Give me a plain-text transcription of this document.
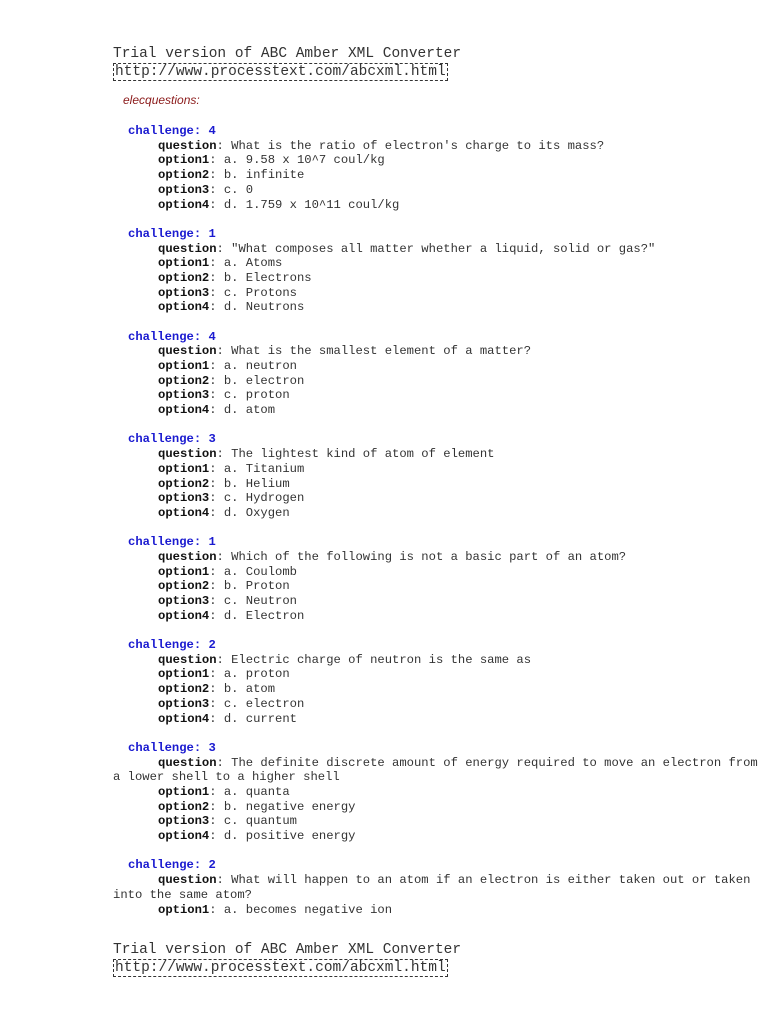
Trial version of ABC Amber XML Converter
http://www.processtext.com/abcxml.html
elecquestions:
challenge: 4
question: What is the ratio of electron's charge to its mass?
option1: a. 9.58 x 10^7 coul/kg
option2: b. infinite
option3: c. 0
option4: d. 1.759 x 10^11 coul/kg
challenge: 1
question: "What composes all matter whether a liquid, solid or gas?"
option1: a. Atoms
option2: b. Electrons
option3: c. Protons
option4: d. Neutrons
challenge: 4
question: What is the smallest element of a matter?
option1: a. neutron
option2: b. electron
option3: c. proton
option4: d. atom
challenge: 3
question: The lightest kind of atom of element
option1: a. Titanium
option2: b. Helium
option3: c. Hydrogen
option4: d. Oxygen
challenge: 1
question: Which of the following is not a basic part of an atom?
option1: a. Coulomb
option2: b. Proton
option3: c. Neutron
option4: d. Electron
challenge: 2
question: Electric charge of neutron is the same as
option1: a. proton
option2: b. atom
option3: c. electron
option4: d. current
challenge: 3
question: The definite discrete amount of energy required to move an electron from a lower shell to a higher shell
option1: a. quanta
option2: b. negative energy
option3: c. quantum
option4: d. positive energy
challenge: 2
question: What will happen to an atom if an electron is either taken out or taken into the same atom?
option1: a. becomes negative ion
Trial version of ABC Amber XML Converter
http://www.processtext.com/abcxml.html
